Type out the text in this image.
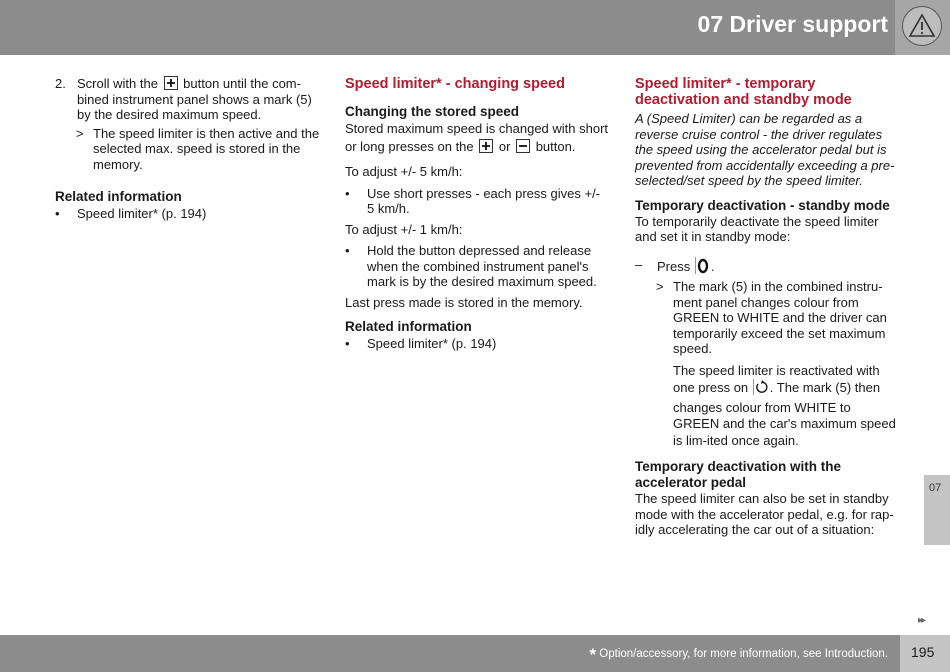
07 Driver support
2. Scroll with the button until the com-bined instrument panel shows a mark (5) by the desired maximum speed.
> The speed limiter is then active and the selected max. speed is stored in the memory.
Related information
• Speed limiter* (p. 194)
Speed limiter* - changing speed
Changing the stored speed

Stored maximum speed is changed with short or long presses on the or button.

To adjust +/- 5 km/h:

• Use short presses - each press gives +/- 5 km/h.

To adjust +/- 1 km/h:

• Hold the button depressed and release when the combined instrument panel's mark is by the desired maximum speed.

Last press made is stored in the memory.

Related information
• Speed limiter* (p. 194)
Speed limiter* - temporary deactivation and standby mode

A (Speed Limiter) can be regarded as a reverse cruise control - the driver regulates the speed using the accelerator pedal but is prevented from accidentally exceeding a pre-selected/set speed by the speed limiter.

Temporary deactivation - standby mode

To temporarily deactivate the speed limiter and set it in standby mode:

– Press .
> The mark (5) in the combined instru-ment panel changes colour from GREEN to WHITE and the driver can temporarily exceed the set maximum speed.

The speed limiter is reactivated with one press on . The mark (5) then changes colour from WHITE to GREEN and the car's maximum speed is lim-ited once again.

Temporary deactivation with the accelerator pedal

The speed limiter can also be set in standby mode with the accelerator pedal, e.g. for rap-idly accelerating the car out of a situation:

07
▸▸
* Option/accessory, for more information, see Introduction. 195
